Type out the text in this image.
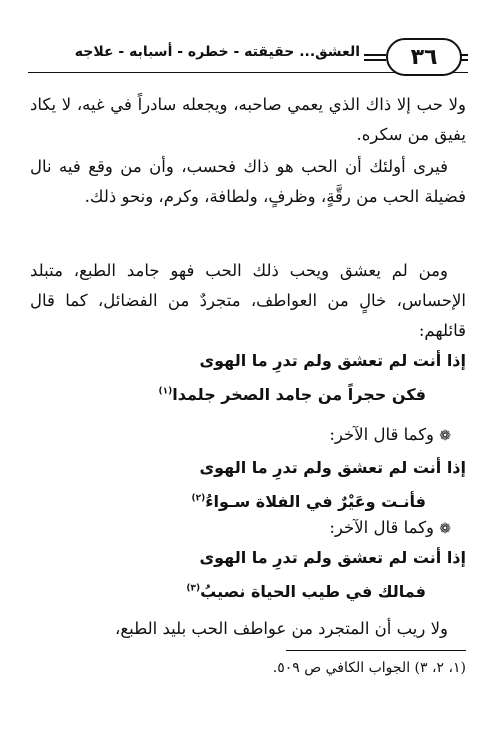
٣٦
العشق... حقيقته - خطره - أسبابه - علاجه

ولا حب إلا ذاك الذي يعمي صاحبه، ويجعله سادراً في غيه، لا يكاد يفيق من سكره.

فيرى أولئك أن الحب هو ذاك فحسب، وأن من وقع فيه نال فضيلة الحب من رقَّةٍ، وظرفٍ، ولطافة، وكرم، ونحو ذلك.

ومن لم يعشق ويحب ذلك الحب فهو جامد الطبع، متبلد الإحساس، خالٍ من العواطف، متجردٌ من الفضائل، كما قال قائلهم:

إذا أنت لم تعشق ولم تدرِ ما الهوى
فكن حجراً من جامد الصخر جلمدا$^{(١)}$
❁ وكما قال الآخر:
إذا أنت لم تعشق ولم تدرِ ما الهوى
فأنـت وعَيْرٌ في الفلاة سـواءُ$^{(٢)}$
❁ وكما قال الآخر:
إذا أنت لم تعشق ولم تدرِ ما الهوى
فمالك في طيب الحياة نصيبُ$^{(٣)}$

ولا ريب أن المتجرد من عواطف الحب بليد الطبع،

(١، ٢، ٣) الجواب الكافي ص ٥٠٩.
